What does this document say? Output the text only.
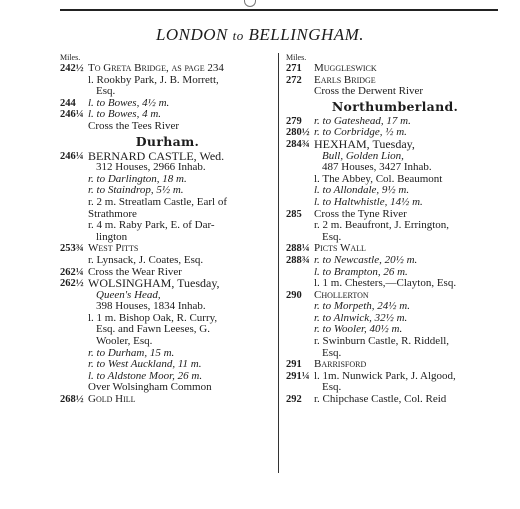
LONDON to BELLINGHAM.
Miles.
242½ To Greta Bridge, as page 234
l. Rookby Park, J. B. Morrett,
Esq.
244	l. to Bowes, 4½ m.
246¼ l. to Bowes, 4 m.
Cross the Tees River
Durham.
246¼ BERNARD CASTLE, Wed.
312 Houses, 2966 Inhab.
r. to Darlington, 18 m.
r. to Staindrop, 5½ m.
r. 2 m. Streatlam Castle, Earl of
Strathmore
r. 4 m. Raby Park, E. of Dar-
lington
253¾ West Pitts
r. Lynsack, J. Coates, Esq.
262¼ Cross the Wear River
262½ WOLSINGHAM, Tuesday,
Queen's Head,
398 Houses, 1834 Inhab.
l. 1 m. Bishop Oak, R. Curry,
Esq. and Fawn Leeses, G.
Wooler, Esq.
r. to Durham, 15 m.
r. to West Auckland, 11 m.
l. to Aldstone Moor, 26 m.
Over Wolsingham Common
268½ Gold Hill
Miles.
271	Muggleswick
272	Earls Bridge
Cross the Derwent River
Northumberland.
279	r. to Gateshead, 17 m.
280½ r. to Corbridge, ½ m.
284¾ HEXHAM, Tuesday,
Bull, Golden Lion,
487 Houses, 3427 Inhab.
l. The Abbey, Col. Beaumont
l. to Allondale, 9½ m.
l. to Haltwhistle, 14½ m.
285	Cross the Tyne River
r. 2 m. Beaufront, J. Errington,
Esq.
288¼ Picts Wall
288¾ r. to Newcastle, 20½ m.
l. to Brampton, 26 m.
l. 1 m. Chesters,—Clayton, Esq.
290	Chollerton
r. to Morpeth, 24½ m.
r. to Alnwick, 32½ m.
r. to Wooler, 40½ m.
r. Swinburn Castle, R. Riddell,
Esq.
291	Barrisford
291¼ l. 1m. Nunwick Park, J. Algood,
Esq.
292	r. Chipchase Castle, Col. Reid
